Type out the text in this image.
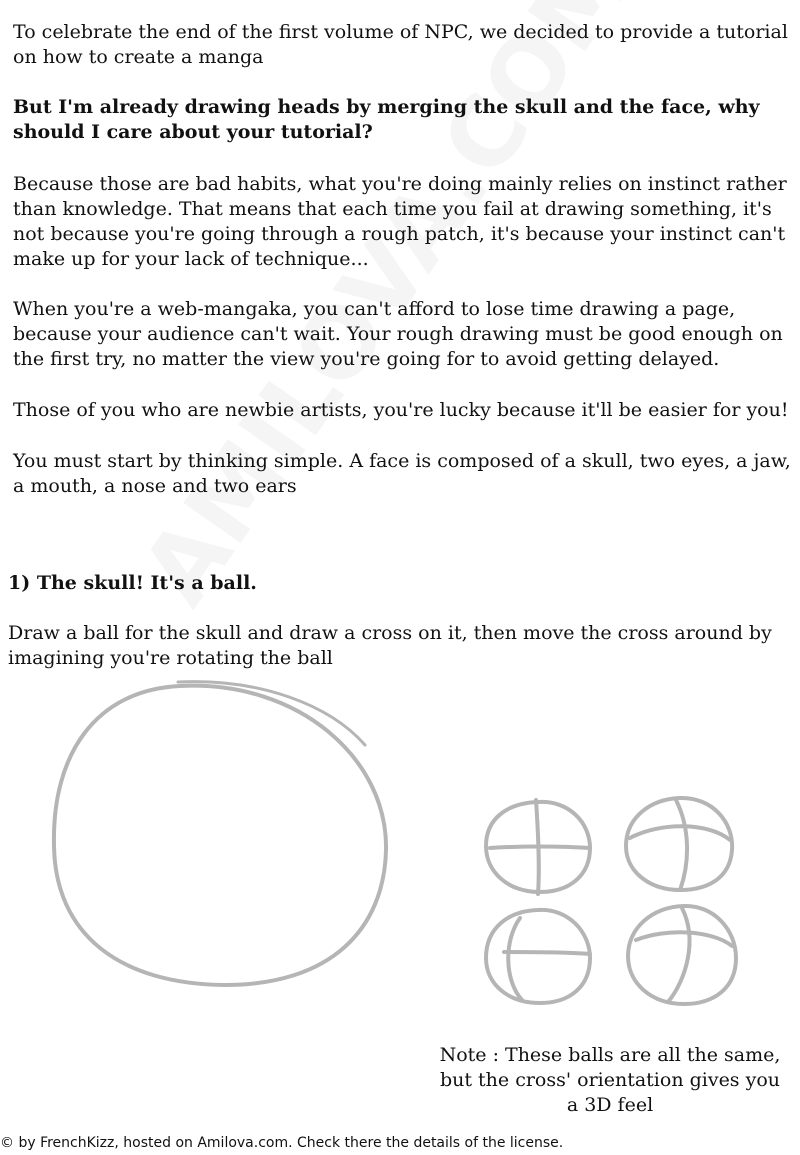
To celebrate the end of the first volume of NPC, we decided to provide a tutorial on how to create a manga

But I'm already drawing heads by merging the skull and the face, why should I care about your tutorial?

Because those are bad habits, what you're doing mainly relies on instinct rather than knowledge. That means that each time you fail at drawing something, it's not because you're going through a rough patch, it's because your instinct can't make up for your lack of technique...

When you're a web-mangaka, you can't afford to lose time drawing a page, because your audience can't wait. Your rough drawing must be good enough on the first try, no matter the view you're going for to avoid getting delayed.

Those of you who are newbie artists, you're lucky because it'll be easier for you!

You must start by thinking simple. A face is composed of a skull, two eyes, a jaw, a mouth, a nose and two ears

1) The skull! It's a ball.

Draw a ball for the skull and draw a cross on it, then move the cross around by imagining you're rotating the ball

Note : These balls are all the same,
but the cross' orientation gives you
a 3D feel

© by FrenchKizz, hosted on Amilova.com. Check there the details of the license.
